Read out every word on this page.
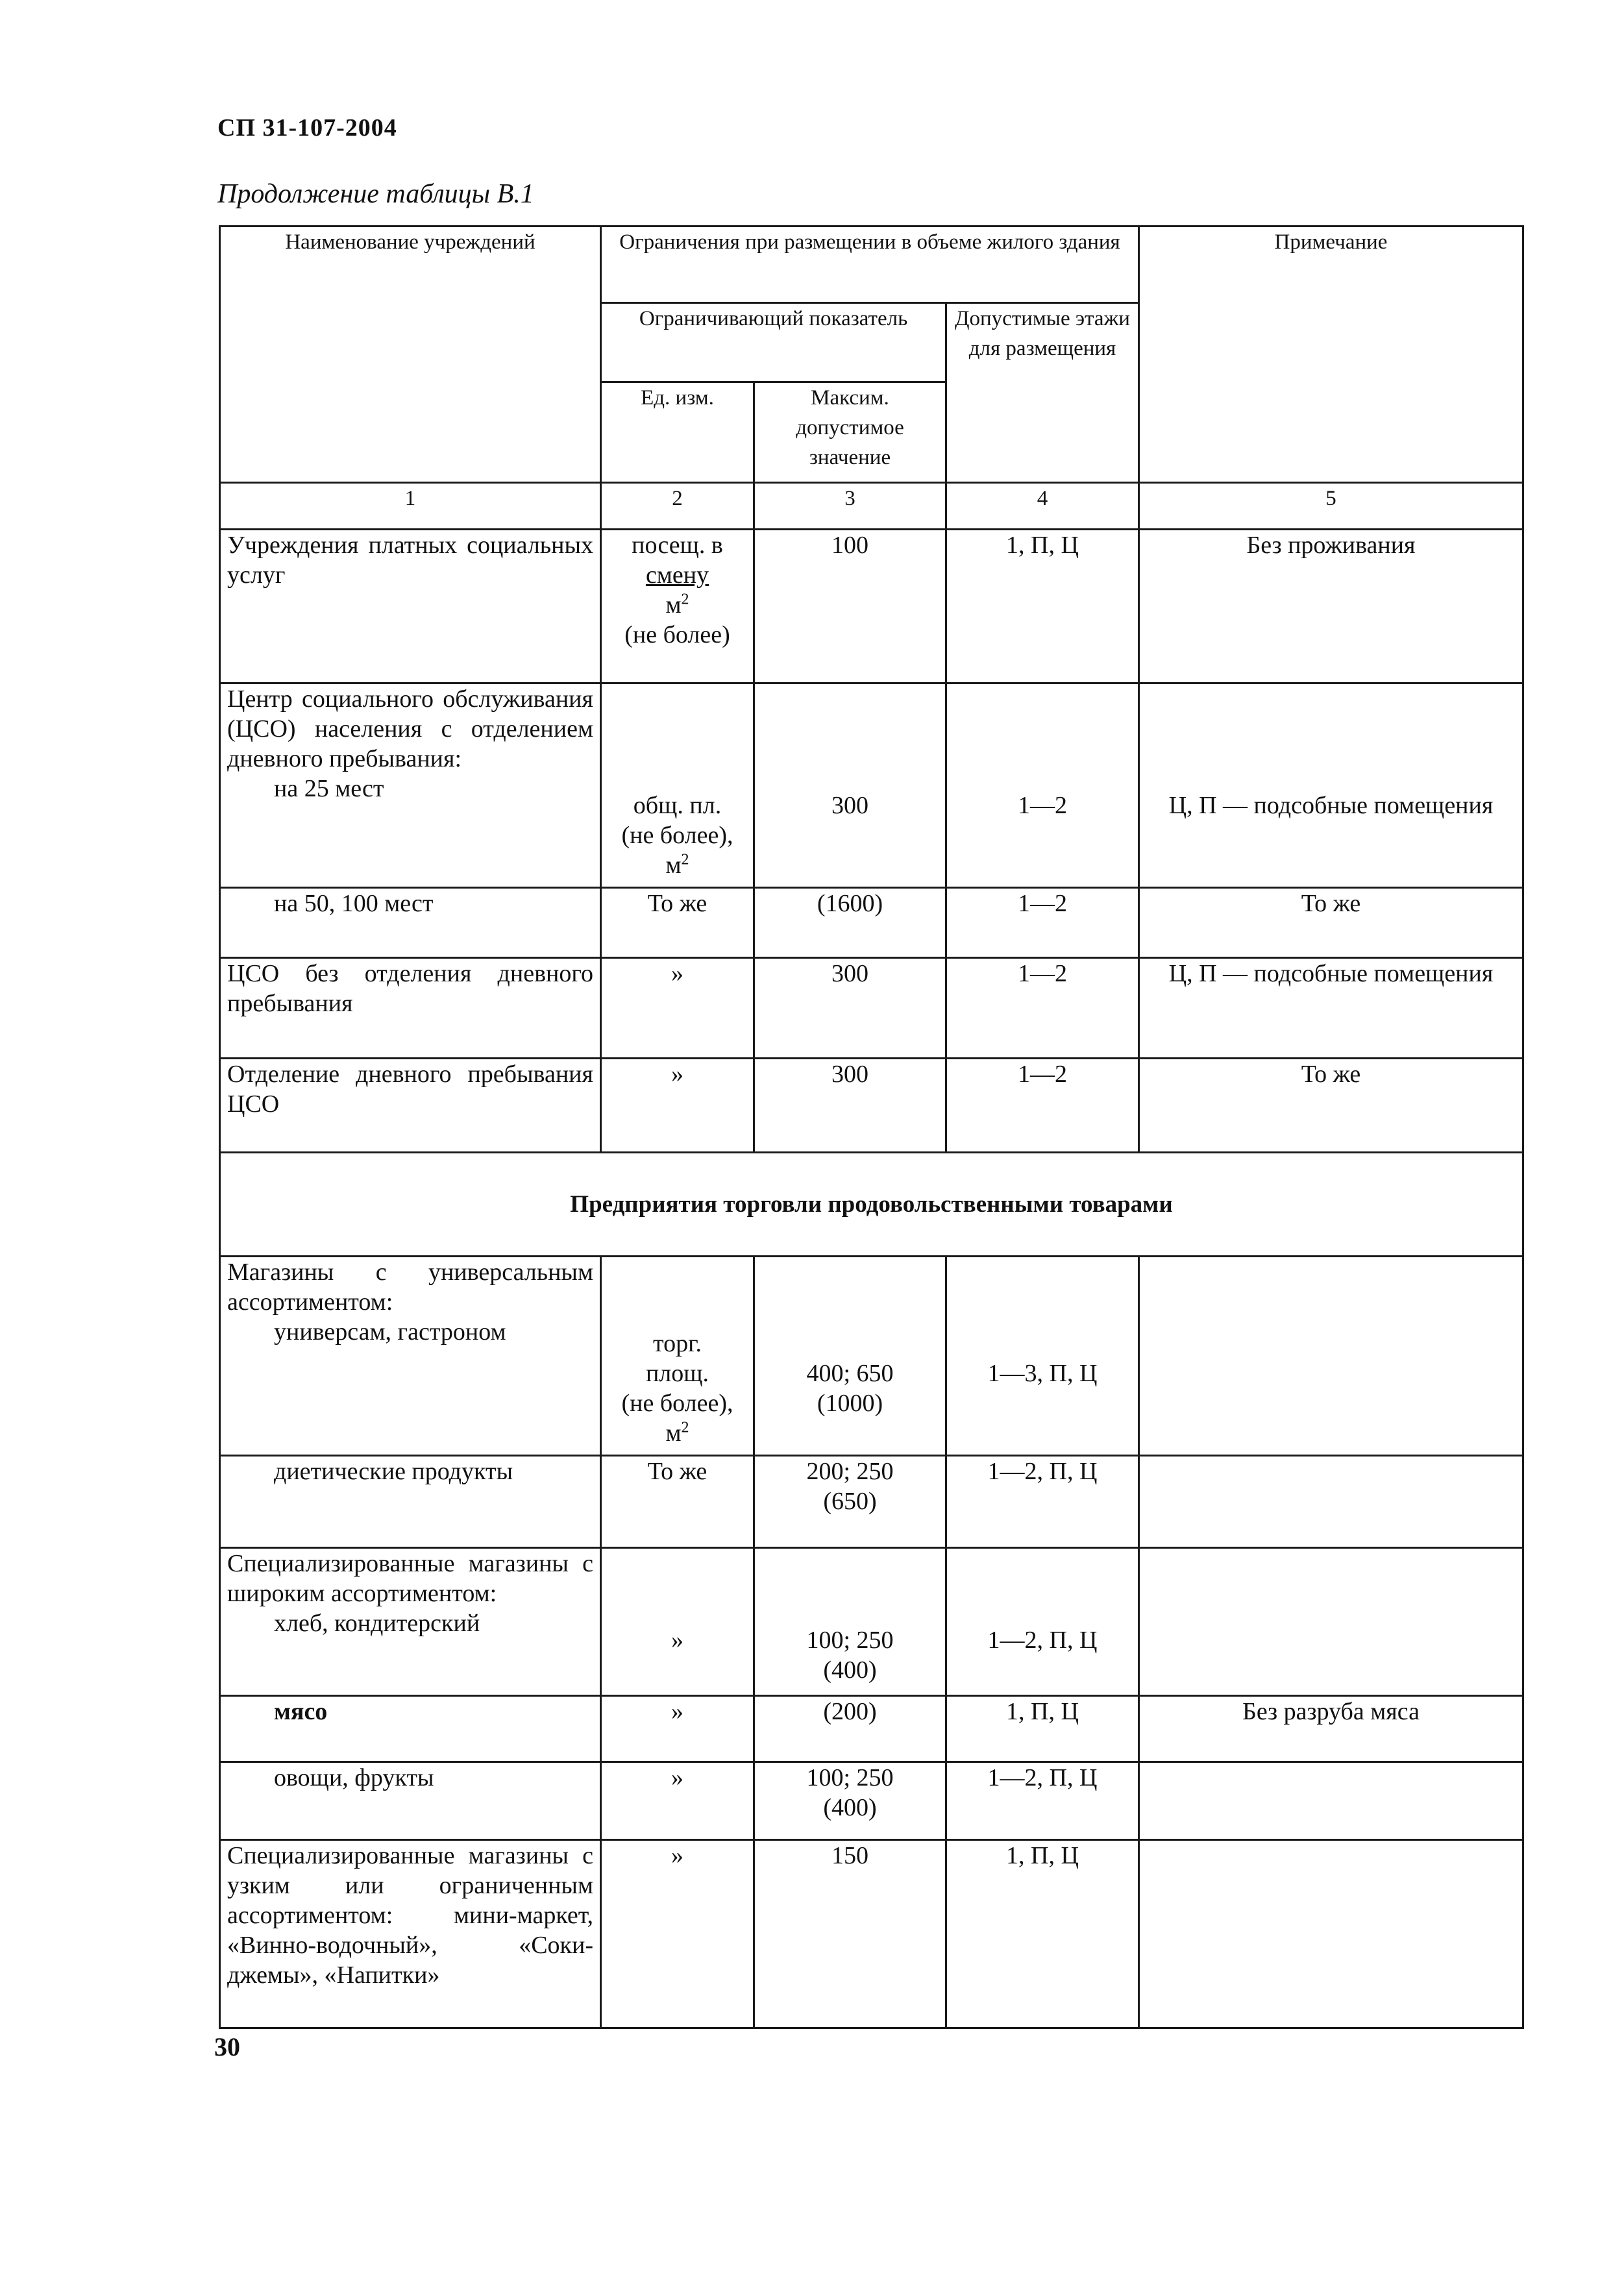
СП 31-107-2004
Продолжение таблицы В.1
Наименование учреждений	Ограничения при размещении в объеме жилого здания			Примечание
	Ограничивающий показатель		Допустимые этажи для размещения	
	Ед. изм.	Максим. допустимое значение		
1	2	3	4	5
Учреждения платных социальных услуг	посещ. в
смену
$м^2$
(не более)	100	1, П, Ц	Без проживания

Центр социального обслуживания (ЦСО) населения с отделением дневного пребывания:
на 25 мест	общ. пл.
(не более),
$м^2$	300	1—2	Ц, П — подсобные помещения
на 50, 100 мест	То же	(1600)	1—2	То же
ЦСО без отделения дневного пребывания	»	300	1—2	Ц, П — подсобные помещения
Отделение дневного пребывания ЦСО	»	300	1—2	То же
Предприятия торговли продовольственными товарами				

Магазины с универсальным ассортиментом:
универсам, гастроном	торг.
площ.
(не более),
$м^2$	400; 650
(1000)	1—3, П, Ц	
диетические продукты	То же	200; 250
(650)	1—2, П, Ц	

Специализированные магазины с широким ассортиментом:
хлеб, кондитерский	»	100; 250
(400)	1—2, П, Ц	
мясо	»	(200)	1, П, Ц	Без разруба мяса
овощи, фрукты	»	100; 250
(400)	1—2, П, Ц	
Специализированные магазины с узким или ограниченным ассортиментом: мини-маркет, «Винно-водочный», «Соки-джемы», «Напитки»	»	150	1, П, Ц	
30
